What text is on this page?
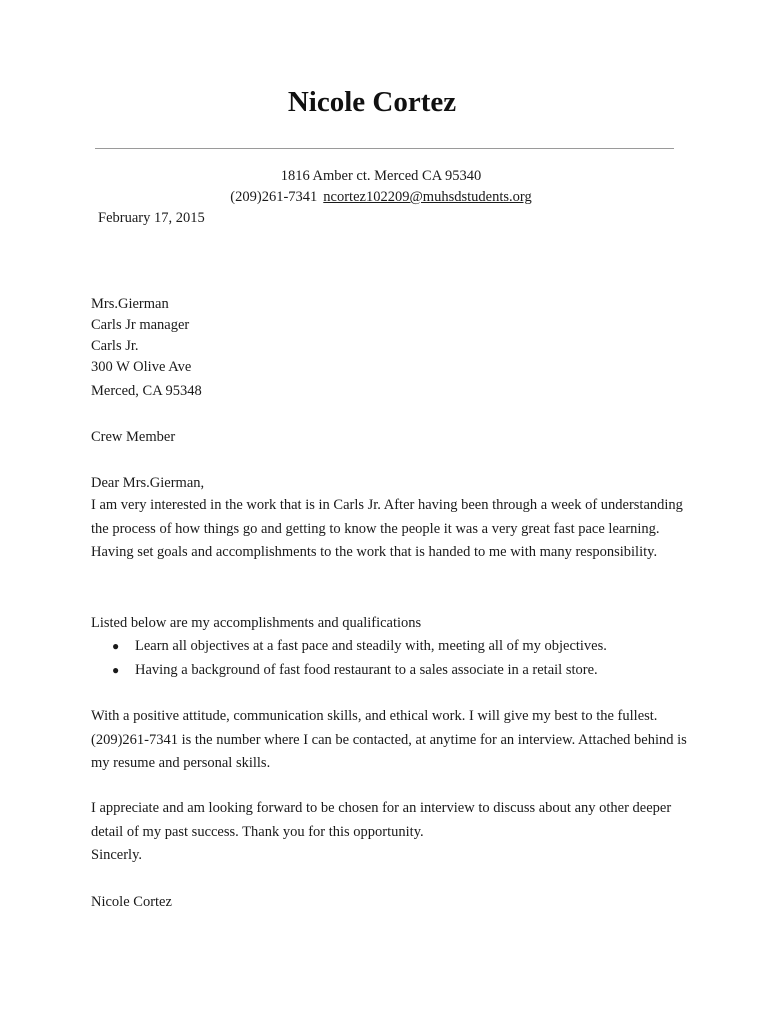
Nicole Cortez
1816 Amber ct. Merced CA 95340
(209)261-7341 ncortez102209@muhsdstudents.org
February 17, 2015
Mrs.Gierman
Carls Jr manager
Carls Jr.
300 W Olive Ave
Merced, CA 95348
Crew Member
Dear Mrs.Gierman,
I am very interested in the work that is in Carls Jr. After having been through a week of understanding the process of how things go and getting to know the people it was a very great fast pace learning. Having set goals and accomplishments to the work that is handed to me with many responsibility.
Listed below are my accomplishments and qualifications
● Learn all objectives at a fast pace and steadily with, meeting all of my objectives.
● Having a background of fast food restaurant to a sales associate in a retail store.
With a positive attitude, communication skills, and ethical work. I will give my best to the fullest. (209)261-7341 is the number where I can be contacted, at anytime for an interview. Attached behind is my resume and personal skills.
I appreciate and am looking forward to be chosen for an interview to discuss about any other deeper detail of my past success. Thank you for this opportunity.
Sincerly.
Nicole Cortez
